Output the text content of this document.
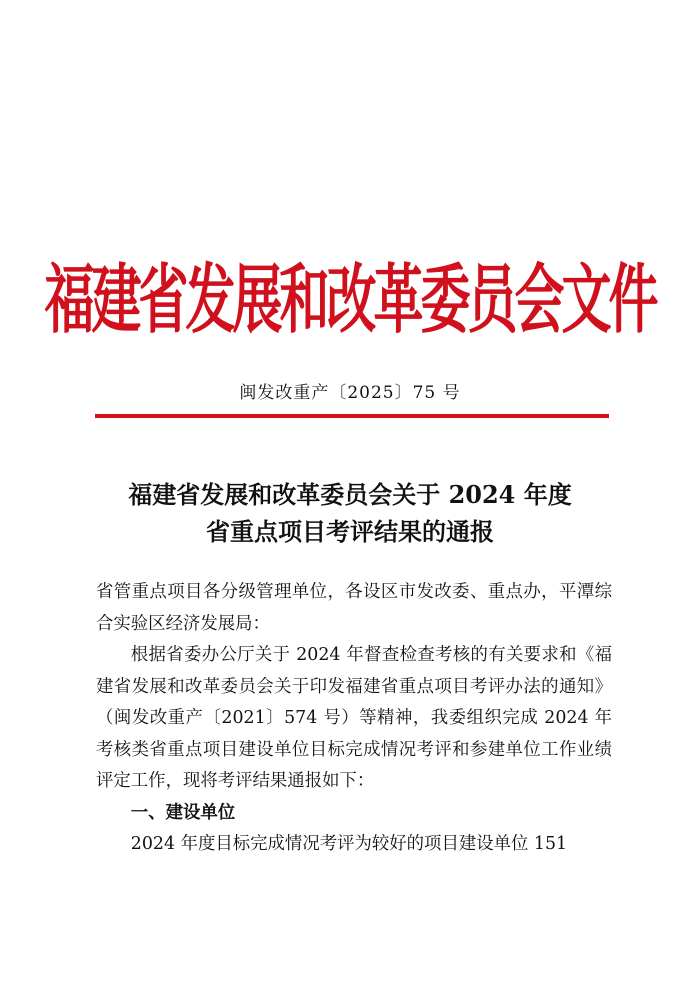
福建省发展和改革委员会文件
闽发改重产〔2025〕75 号
福建省发展和改革委员会关于 2024 年度
省重点项目考评结果的通报

省管重点项目各分级管理单位，各设区市发改委、重点办，平潭综合实验区经济发展局：

根据省委办公厅关于 2024 年督查检查考核的有关要求和《福建省发展和改革委员会关于印发福建省重点项目考评办法的通知》（闽发改重产〔2021〕574 号）等精神，我委组织完成 2024 年考核类省重点项目建设单位目标完成情况考评和参建单位工作业绩评定工作，现将考评结果通报如下：

一、建设单位

2024 年度目标完成情况考评为较好的项目建设单位 151
